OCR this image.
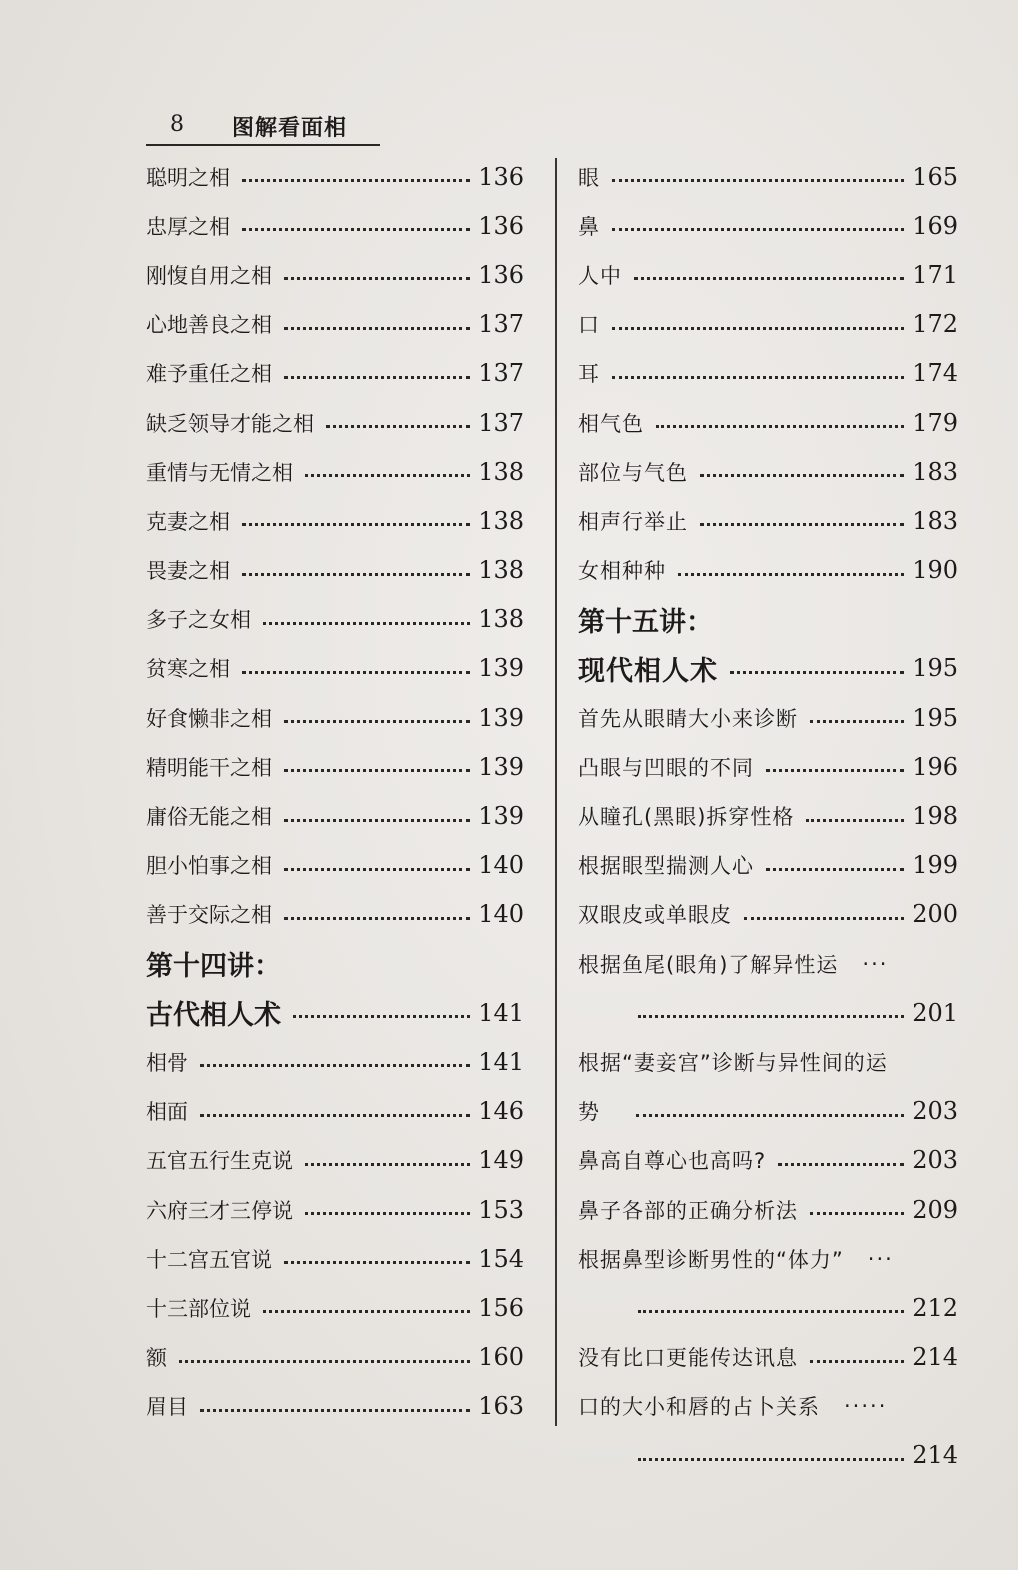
8 图解看面相
聪明之相	136
忠厚之相	136
刚愎自用之相	136
心地善良之相	137
难予重任之相	137
缺乏领导才能之相	137
重情与无情之相	138
克妻之相	138
畏妻之相	138
多子之女相	138
贫寒之相	139
好食懒非之相	139
精明能干之相	139
庸俗无能之相	139
胆小怕事之相	140
善于交际之相	140
第十四讲：
古代相人术	141
相骨	141
相面	146
五官五行生克说	149
六府三才三停说	153
十二宫五官说	154
十三部位说	156
额	160
眉目	163
眼	165
鼻	169
人中	171
口	172
耳	174
相气色	179
部位与气色	183
相声行举止	183
女相种种	190
第十五讲：
现代相人术	195
首先从眼睛大小来诊断	195
凸眼与凹眼的不同	196
从瞳孔(黑眼)拆穿性格	198
根据眼型揣测人心	199
双眼皮或单眼皮	200
根据鱼尾(眼角)了解异性运 ···
201
根据“妻妾宫”诊断与异性间的运
势	203
鼻高自尊心也高吗?	203
鼻子各部的正确分析法	209
根据鼻型诊断男性的“体力” ···
212
没有比口更能传达讯息	214
口的大小和唇的占卜关系 ·····
214
